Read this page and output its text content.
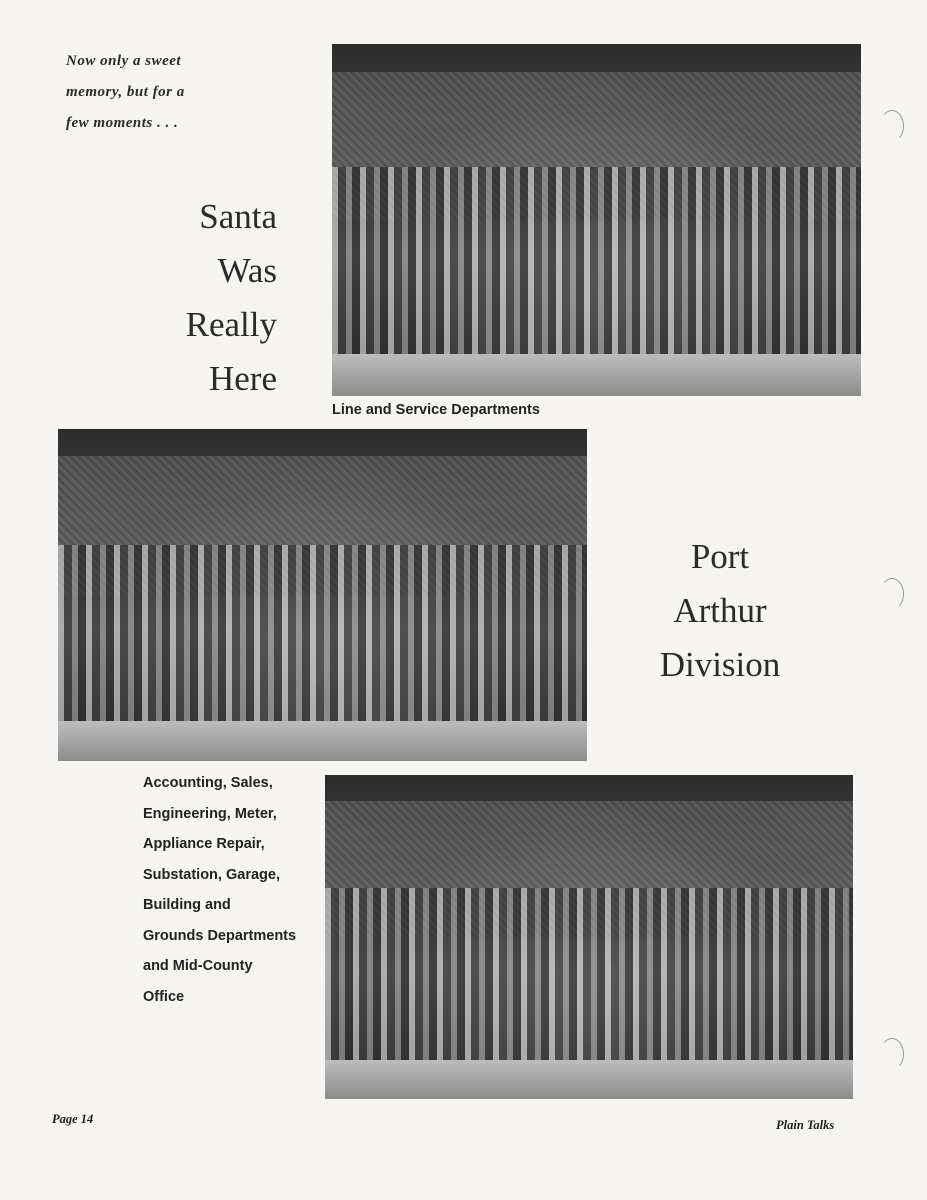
Now only a sweet
memory, but for a
few moments . . .
Santa
Was
Really
Here
Line and Service Departments
Port
Arthur
Division
Accounting, Sales,
Engineering, Meter,
Appliance Repair,
Substation, Garage,
Building and
Grounds Departments
and Mid-County
Office
Page 14	Plain Talks
